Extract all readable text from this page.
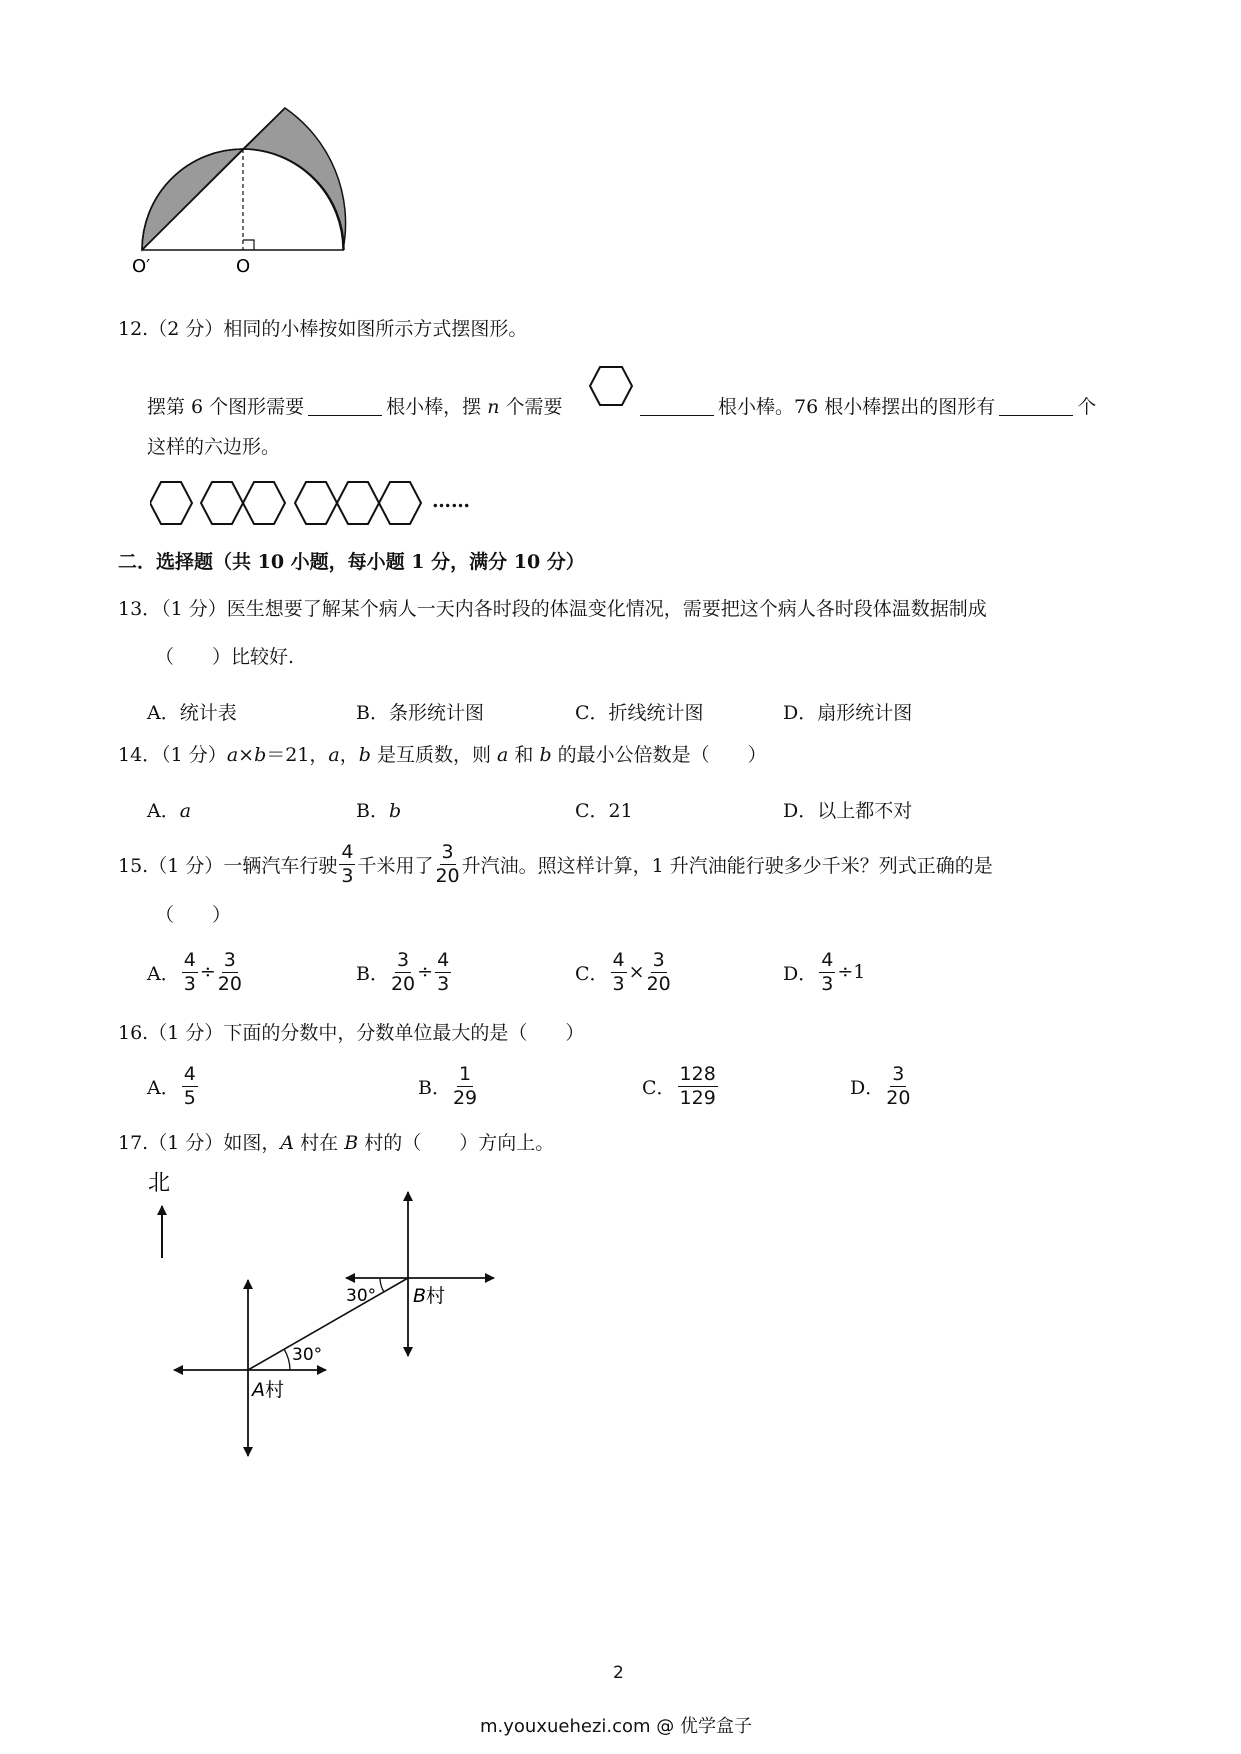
O′	O
12.（2 分）相同的小棒按如图所示方式摆图形。
摆第 6 个图形需要	根小棒，摆 n 个需要	根小棒。76 根小棒摆出的图形有	个
这样的六边形。
……
二．选择题（共 10 小题，每小题 1 分，满分 10 分）
13．（1 分）医生想要了解某个病人一天内各时段的体温变化情况，需要把这个病人各时段体温数据制成
（　　）比较好.
A．统计表	B．条形统计图	C．折线统计图	D．扇形统计图
14．（1 分）a×b＝21，a，b 是互质数，则 a 和 b 的最小公倍数是（　　）
A．a	B．b	C．21	D．以上都不对
15.（1 分）一辆汽车行驶 $\frac{4}{3}$ 千米用了 $\frac{3}{20}$ 升汽油。照这样计算，1 升汽油能行驶多少千米？列式正确的是
（　　）
A． $\frac{4}{3} \div \frac{3}{20}$	B． $\frac{3}{20} \div \frac{4}{3}$	C． $\frac{4}{3} \times \frac{3}{20}$	D． $\frac{4}{3} \div 1$
16.（1 分）下面的分数中，分数单位最大的是（　　）
A． $\frac{4}{5}$	B． $\frac{1}{29}$	C． $\frac{128}{129}$	D． $\frac{3}{20}$
17.（1 分）如图，A 村在 B 村的（　　）方向上。
北
30°
30°
B村
A村
2
m.youxuehezi.com @ 优学盒子
